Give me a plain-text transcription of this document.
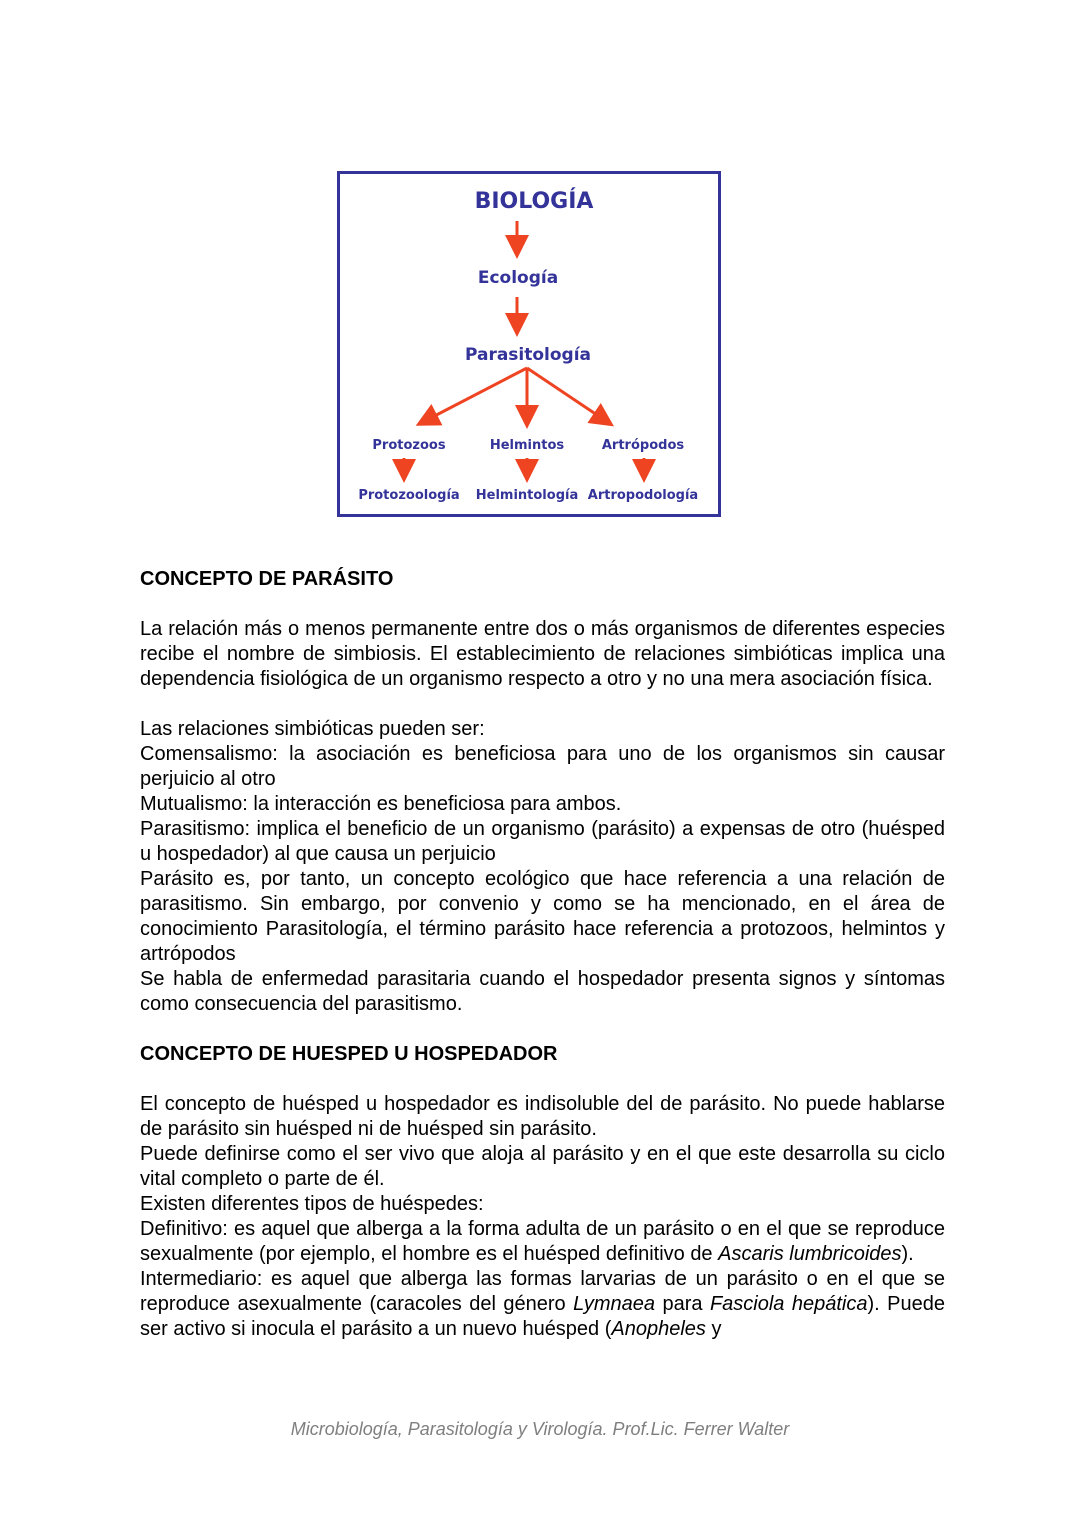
BIOLOGÍA
Ecología
Parasitología
Protozoos	Helmintos	Artrópodos
Protozoología Helmintología Artropodología
CONCEPTO DE PARÁSITO

La relación más o menos permanente entre dos o más organismos de diferentes especies recibe el nombre de simbiosis. El establecimiento de relaciones simbióticas implica una dependencia fisiológica de un organismo respecto a otro y no una mera asociación física.

Las relaciones simbióticas pueden ser:

Comensalismo: la asociación es beneficiosa para uno de los organismos sin causar perjuicio al otro

Mutualismo: la interacción es beneficiosa para ambos.

Parasitismo: implica el beneficio de un organismo (parásito) a expensas de otro (huésped u hospedador) al que causa un perjuicio

Parásito es, por tanto, un concepto ecológico que hace referencia a una relación de parasitismo. Sin embargo, por convenio y como se ha mencionado, en el área de conocimiento Parasitología, el término parásito hace referencia a protozoos, helmintos y artrópodos

Se habla de enfermedad parasitaria cuando el hospedador presenta signos y síntomas como consecuencia del parasitismo.

CONCEPTO DE HUESPED U HOSPEDADOR

El concepto de huésped u hospedador es indisoluble del de parásito. No puede hablarse de parásito sin huésped ni de huésped sin parásito.

Puede definirse como el ser vivo que aloja al parásito y en el que este desarrolla su ciclo vital completo o parte de él.

Existen diferentes tipos de huéspedes:

Definitivo: es aquel que alberga a la forma adulta de un parásito o en el que se reproduce sexualmente (por ejemplo, el hombre es el huésped definitivo de Ascaris lumbricoides).

Intermediario: es aquel que alberga las formas larvarias de un parásito o en el que se reproduce asexualmente (caracoles del género Lymnaea para Fasciola hepática). Puede ser activo si inocula el parásito a un nuevo huésped (Anopheles y

Microbiología, Parasitología y Virología. Prof.Lic. Ferrer Walter
